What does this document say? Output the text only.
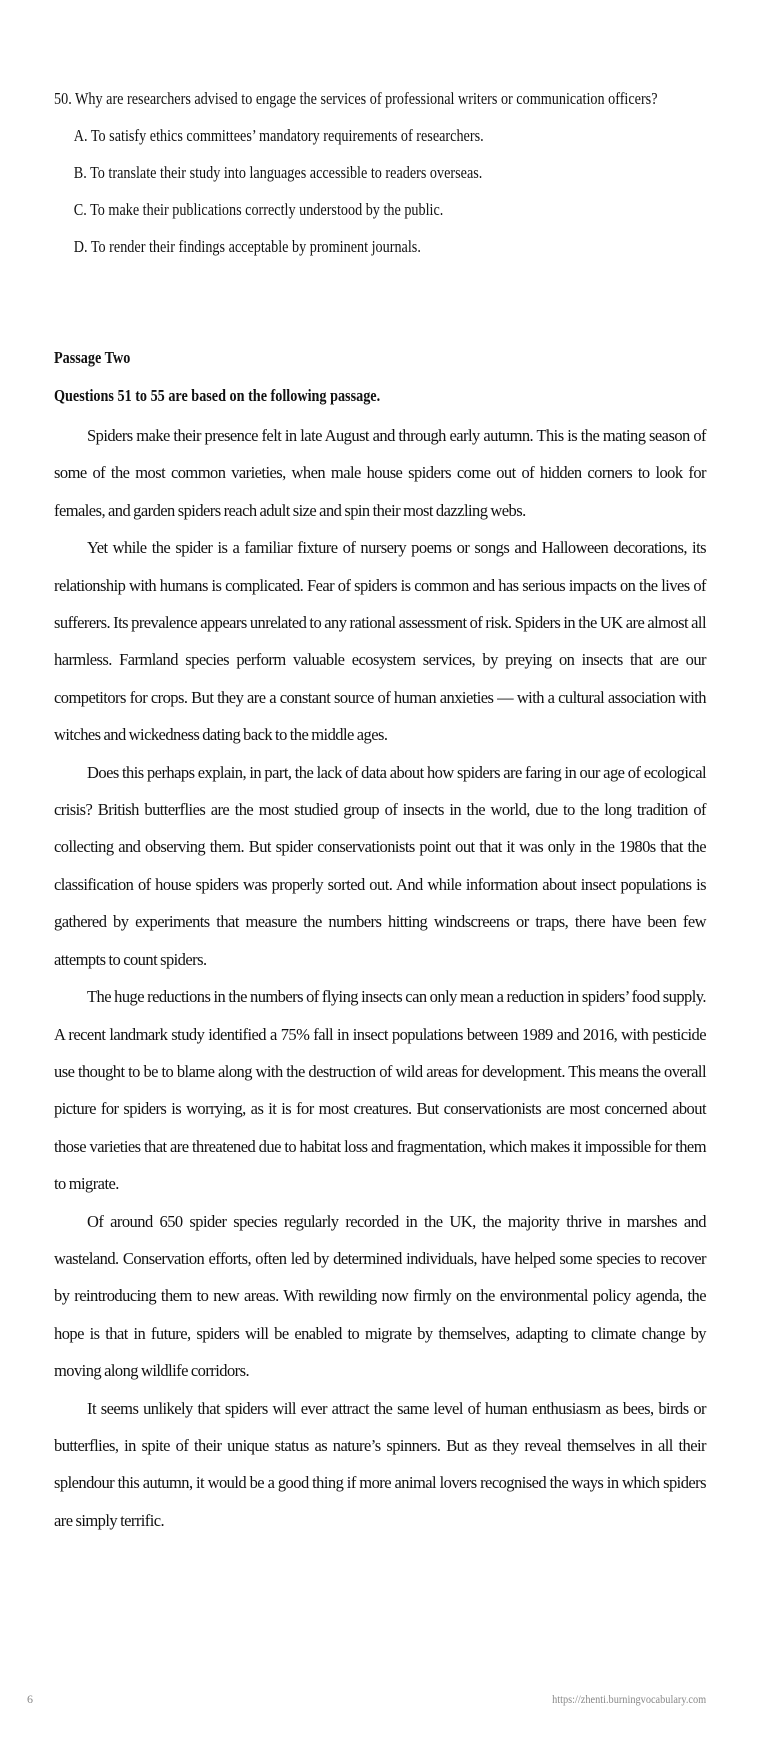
50. Why are researchers advised to engage the services of professional writers or communication officers?

A. To satisfy ethics committees’ mandatory requirements of researchers.
B. To translate their study into languages accessible to readers overseas.
C. To make their publications correctly understood by the public.
D. To render their findings acceptable by prominent journals.
Passage Two
Questions 51 to 55 are based on the following passage.

Spiders make their presence felt in late August and through early autumn. This is the mating season of some of the most common varieties, when male house spiders come out of hidden corners to look for females, and garden spiders reach adult size and spin their most dazzling webs.

Yet while the spider is a familiar fixture of nursery poems or songs and Halloween decorations, its relationship with humans is complicated. Fear of spiders is common and has serious impacts on the lives of sufferers. Its prevalence appears unrelated to any rational assessment of risk. Spiders in the UK are almost all harmless. Farmland species perform valuable ecosystem services, by preying on insects that are our competitors for crops. But they are a constant source of human anxieties — with a cultural association with witches and wickedness dating back to the middle ages.

Does this perhaps explain, in part, the lack of data about how spiders are faring in our age of ecological crisis? British butterflies are the most studied group of insects in the world, due to the long tradition of collecting and observing them. But spider conservationists point out that it was only in the 1980s that the classification of house spiders was properly sorted out. And while information about insect populations is gathered by experiments that measure the numbers hitting windscreens or traps, there have been few attempts to count spiders.

The huge reductions in the numbers of flying insects can only mean a reduction in spiders’ food supply. A recent landmark study identified a 75% fall in insect populations between 1989 and 2016, with pesticide use thought to be to blame along with the destruction of wild areas for development. This means the overall picture for spiders is worrying, as it is for most creatures. But conservationists are most concerned about those varieties that are threatened due to habitat loss and fragmentation, which makes it impossible for them to migrate.

Of around 650 spider species regularly recorded in the UK, the majority thrive in marshes and wasteland. Conservation efforts, often led by determined individuals, have helped some species to recover by reintroducing them to new areas. With rewilding now firmly on the environmental policy agenda, the hope is that in future, spiders will be enabled to migrate by themselves, adapting to climate change by moving along wildlife corridors.

It seems unlikely that spiders will ever attract the same level of human enthusiasm as bees, birds or butterflies, in spite of their unique status as nature’s spinners. But as they reveal themselves in all their splendour this autumn, it would be a good thing if more animal lovers recognised the ways in which spiders are simply terrific.

6	https://zhenti.burningvocabulary.com
